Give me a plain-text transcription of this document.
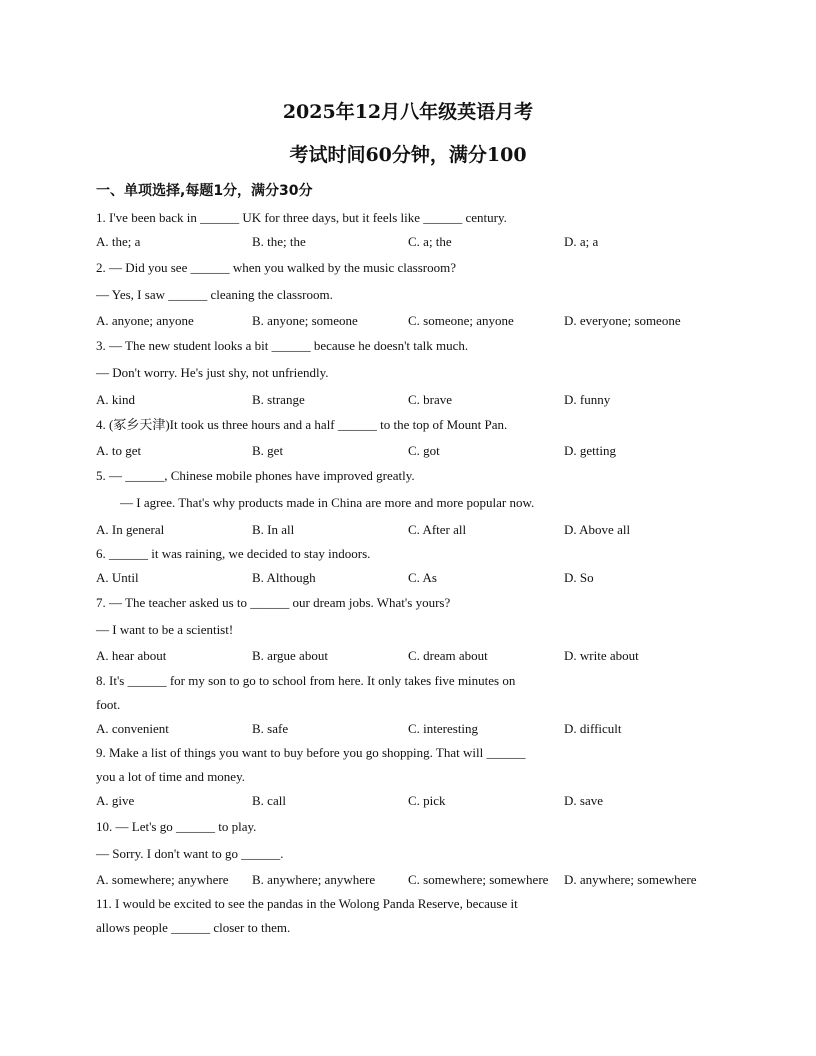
2025年12月八年级英语月考
考试时间60分钟，满分100
一、单项选择,每题1分，满分30分
1. I've been back in ______ UK for three days, but it feels like ______ century.
A. the; a	B. the; the	C. a; the	D. a; a
2. — Did you see ______ when you walked by the music classroom?
— Yes, I saw ______ cleaning the classroom.
A. anyone; anyone	B. anyone; someone	C. someone; anyone	D. everyone; someone
3. — The new student looks a bit ______ because he doesn't talk much.
— Don't worry. He's just shy, not unfriendly.
A. kind	B. strange	C. brave	D. funny
4. (冢乡天津)It took us three hours and a half ______ to the top of Mount Pan.
A. to get	B. get	C. got	D. getting
5. — ______, Chinese mobile phones have improved greatly.
— I agree. That's why products made in China are more and more popular now.
A. In general	B. In all	C. After all	D. Above all
6. ______ it was raining, we decided to stay indoors.
A. Until	B. Although	C. As	D. So
7. — The teacher asked us to ______ our dream jobs. What's yours?
— I want to be a scientist!
A. hear about	B. argue about	C. dream about	D. write about
8. It's ______ for my son to go to school from here. It only takes five minutes on
foot.
A. convenient	B. safe	C. interesting	D. difficult
9. Make a list of things you want to buy before you go shopping. That will ______
you a lot of time and money.
A. give	B. call	C. pick	D. save
10. — Let's go ______ to play.
— Sorry. I don't want to go ______.
A. somewhere; anywhere B. anywhere; anywhere	C. somewhere; somewhere D. anywhere; somewhere
11. I would be excited to see the pandas in the Wolong Panda Reserve, because it
allows people ______ closer to them.
